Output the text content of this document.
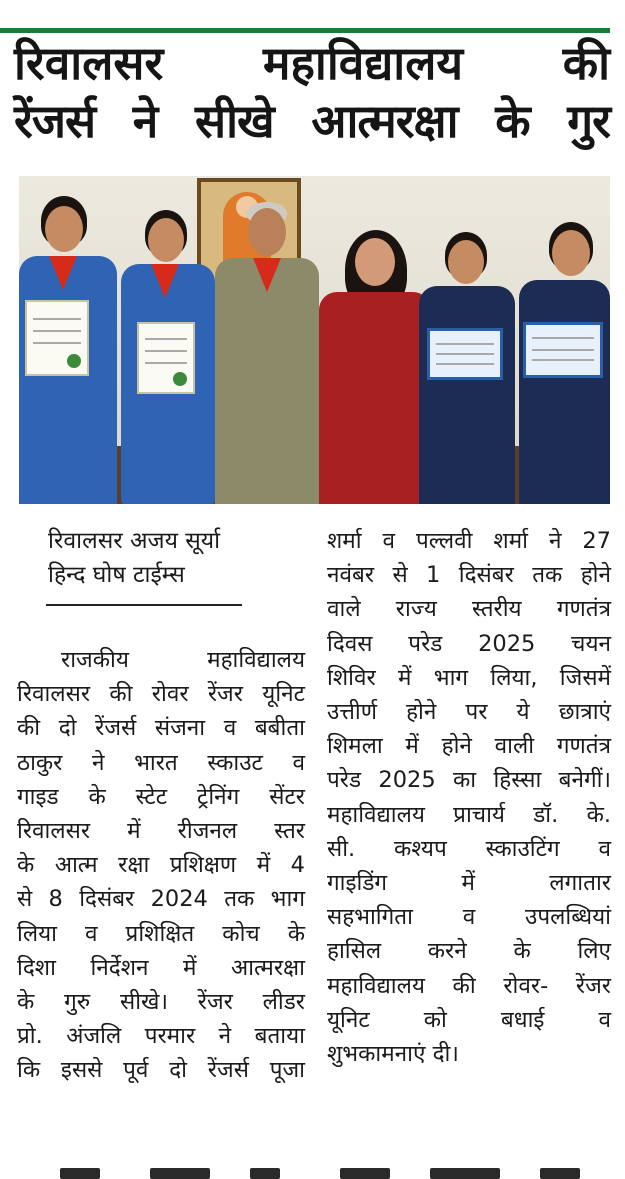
रिवालसर महाविद्यालय की
रेंजर्स ने सीखे आत्मरक्षा के गुर
रिवालसर अजय सूर्या
हिन्द घोष टाईम्स
राजकीय महाविद्यालय
रिवालसर की रोवर रेंजर यूनिट
की दो रेंजर्स संजना व बबीता
ठाकुर ने भारत स्काउट व
गाइड के स्टेट ट्रेनिंग सेंटर
रिवालसर में रीजनल स्तर
के आत्म रक्षा प्रशिक्षण में 4
से 8 दिसंबर 2024 तक भाग
लिया व प्रशिक्षित कोच के
दिशा निर्देशन में आत्मरक्षा
के गुरु सीखे। रेंजर लीडर
प्रो. अंजलि परमार ने बताया
कि इससे पूर्व दो रेंजर्स पूजा
शर्मा व पल्लवी शर्मा ने 27
नवंबर से 1 दिसंबर तक होने
वाले राज्य स्तरीय गणतंत्र
दिवस परेड 2025 चयन
शिविर में भाग लिया, जिसमें
उत्तीर्ण होने पर ये छात्राएं
शिमला में होने वाली गणतंत्र
परेड 2025 का हिस्सा बनेगीं।
महाविद्यालय प्राचार्य डॉ. के.
सी. कश्यप स्काउटिंग व
गाइडिंग में लगातार
सहभागिता व उपलब्धियां
हासिल करने के लिए
महाविद्यालय की रोवर- रेंजर
यूनिट को बधाई व
शुभकामनाएं दी।
